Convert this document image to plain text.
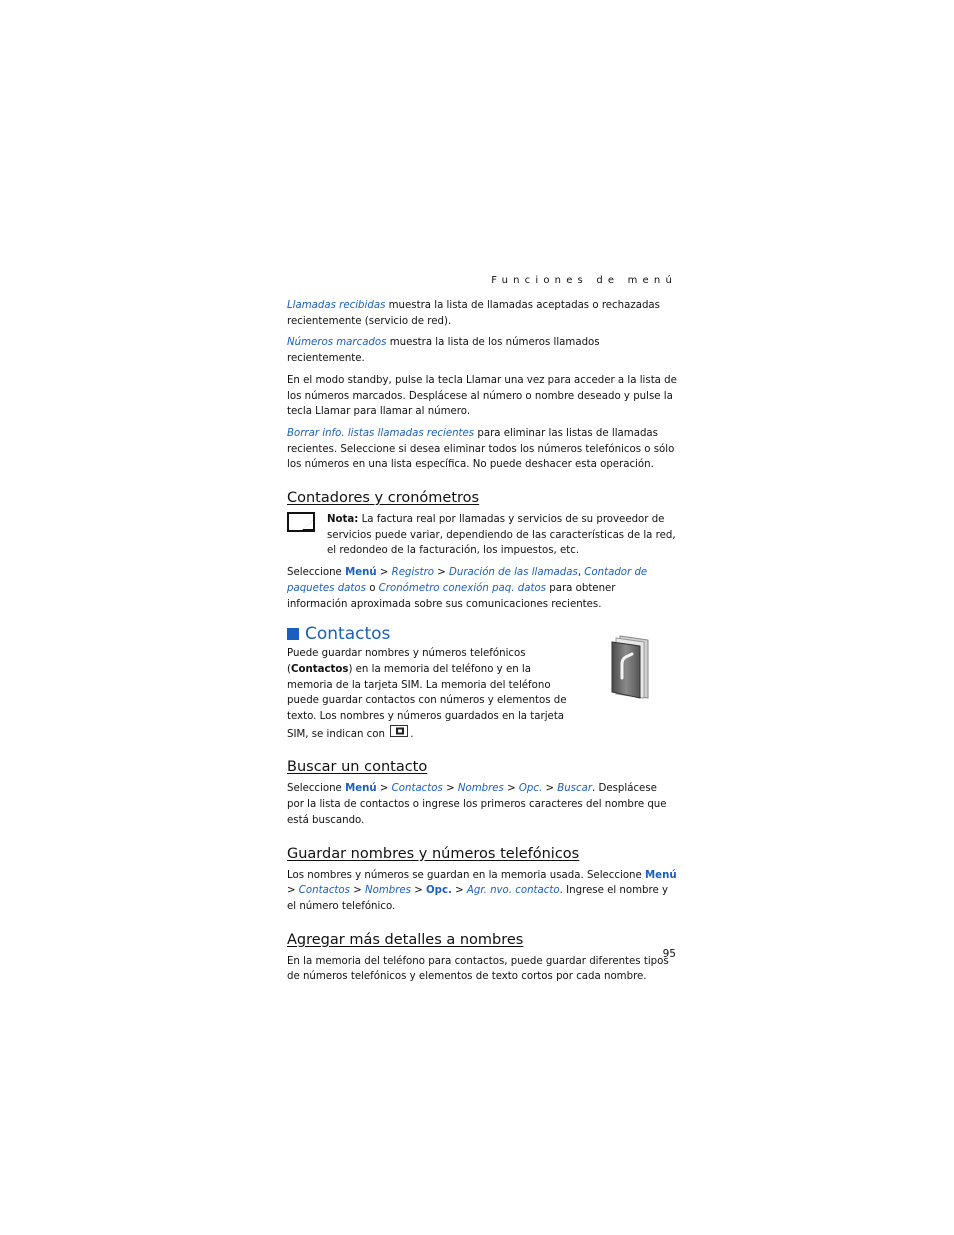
Funciones de menú

Llamadas recibidas muestra la lista de llamadas aceptadas o rechazadas recientemente (servicio de red).

Números marcados muestra la lista de los números llamados recientemente.

En el modo standby, pulse la tecla Llamar una vez para acceder a la lista de los números marcados. Desplácese al número o nombre deseado y pulse la tecla Llamar para llamar al número.

Borrar info. listas llamadas recientes para eliminar las listas de llamadas recientes. Seleccione si desea eliminar todos los números telefónicos o sólo los números en una lista específica. No puede deshacer esta operación.

Contadores y cronómetros
Nota: La factura real por llamadas y servicios de su proveedor de servicios puede variar, dependiendo de las características de la red, el redondeo de la facturación, los impuestos, etc.

Seleccione Menú > Registro > Duración de las llamadas, Contador de paquetes datos o Cronómetro conexión paq. datos para obtener información aproximada sobre sus comunicaciones recientes.

Contactos

Puede guardar nombres y números telefónicos (Contactos) en la memoria del teléfono y en la memoria de la tarjeta SIM. La memoria del teléfono puede guardar contactos con números y elementos de texto. Los nombres y números guardados en la tarjeta SIM, se indican con .

Buscar un contacto

Seleccione Menú > Contactos > Nombres > Opc. > Buscar. Desplácese por la lista de contactos o ingrese los primeros caracteres del nombre que está buscando.

Guardar nombres y números telefónicos

Los nombres y números se guardan en la memoria usada. Seleccione Menú > Contactos > Nombres > Opc. > Agr. nvo. contacto. Ingrese el nombre y el número telefónico.

Agregar más detalles a nombres

En la memoria del teléfono para contactos, puede guardar diferentes tipos de números telefónicos y elementos de texto cortos por cada nombre.

95
